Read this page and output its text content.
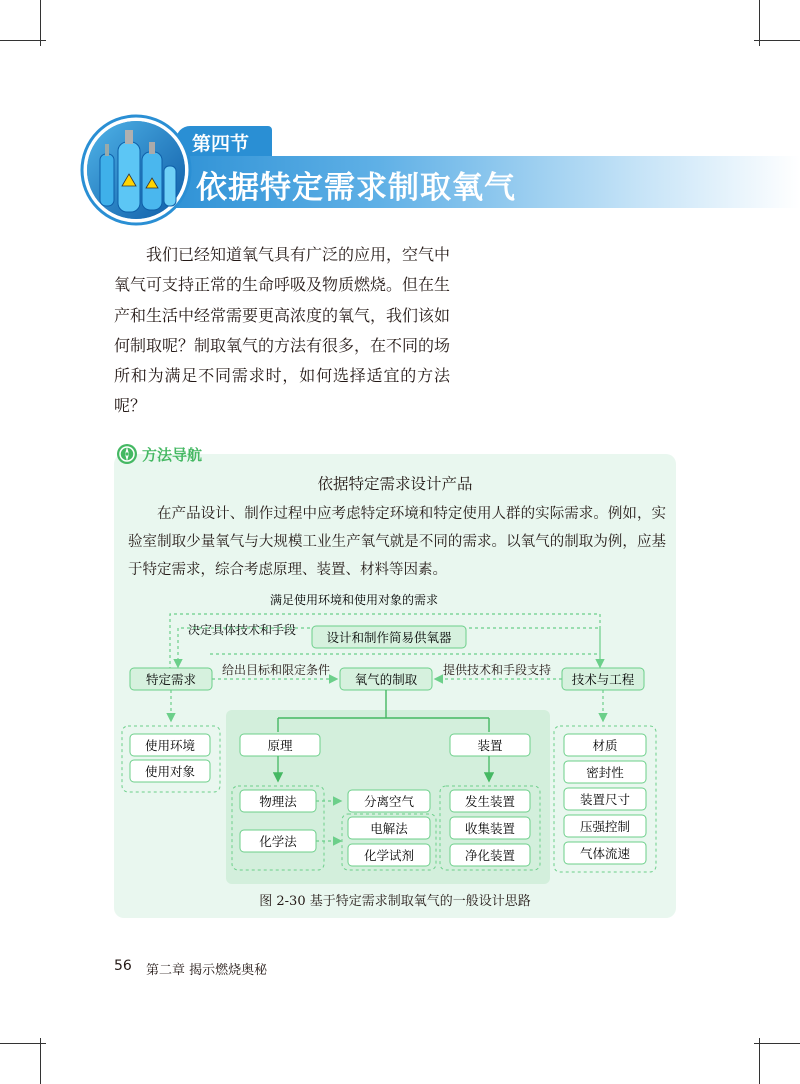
第四节
依据特定需求制取氧气
我们已经知道氧气具有广泛的应用，空气中氧气可支持正常的生命呼吸及物质燃烧。但在生产和生活中经常需要更高浓度的氧气，我们该如何制取呢？制取氧气的方法有很多，在不同的场所和为满足不同需求时，如何选择适宜的方法呢？
方法导航
依据特定需求设计产品
在产品设计、制作过程中应考虑特定环境和特定使用人群的实际需求。例如，实验室制取少量氧气与大规模工业生产氧气就是不同的需求。以氧气的制取为例，应基于特定需求，综合考虑原理、装置、材料等因素。
满足使用环境和使用对象的需求
决定具体技术和手段 设计和制作简易供氧器
特定需求	氧气的制取	技术与工程
给出目标和限定条件	提供技术和手段支持
使用环境
使用对象
材质
密封性
装置尺寸
压强控制
气体流速
原理	装置
物理法
化学法
分离空气
电解法
化学试剂
发生装置
收集装置
净化装置
图 2-30 基于特定需求制取氧气的一般设计思路
56 第二章 揭示燃烧奥秘
